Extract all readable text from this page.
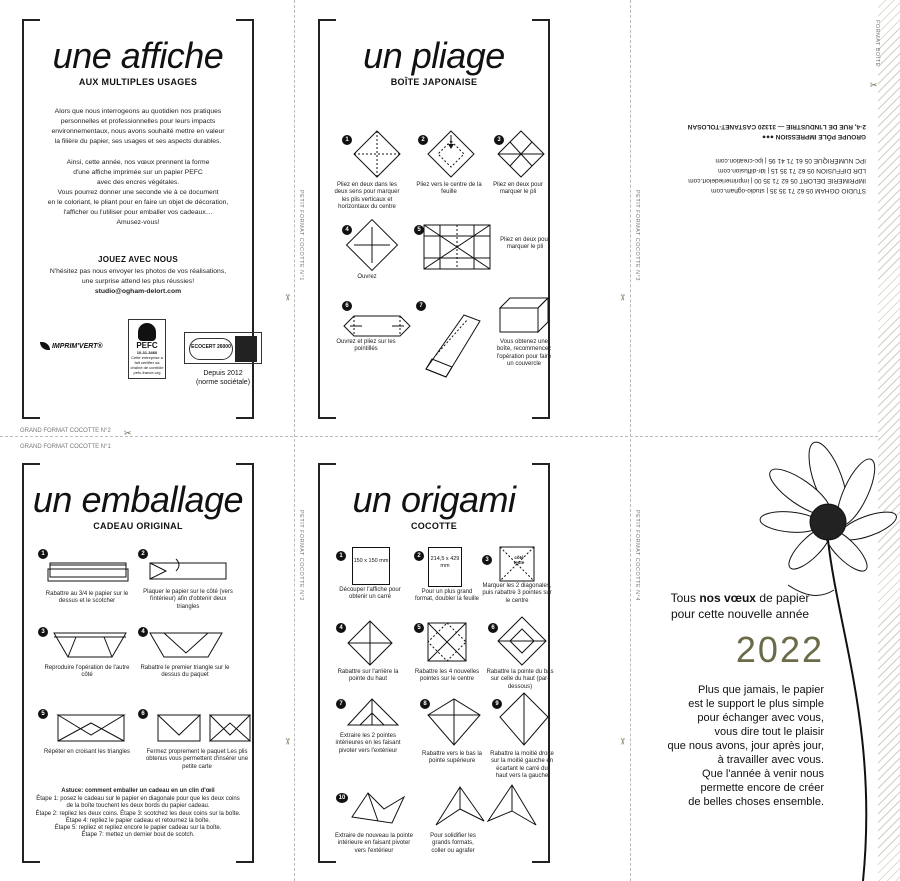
GRAND FORMAT COCOTTE N°2
GRAND FORMAT COCOTTE N°1
✂
✂	✂
✂	✂
✂
PETIT FORMAT COCOTTE N°1	PETIT FORMAT COCOTTE N°3
PETIT FORMAT COCOTTE N°2	PETIT FORMAT COCOTTE N°4
FORMAT BOÎTE
une affiche
AUX MULTIPLES USAGES
Alors que nous interrogeons au quotidien nos pratiques
personnelles et professionnelles pour leurs impacts
environnementaux, nous avons souhaité mettre en valeur
la filière du papier, ses usages et ses aspects durables.
Ainsi, cette année, nos vœux prennent la forme
d'une affiche imprimée sur un papier PEFC
avec des encres végétales.
Vous pourrez donner une seconde vie à ce document
en le coloriant, le pliant pour en faire un objet de décoration,
l'afficher ou l'utiliser pour emballer vos cadeaux…
Amusez-vous!
JOUEZ AVEC NOUS
N'hésitez pas nous envoyer les photos de vos réalisations,
une surprise attend les plus réussies!
studio@ogham-delort.com
IMPRIM'VERT®	PEFC
10-31-3460
Cette entreprise a fait certifier sa chaîne de contrôle pefc-france.org
ECOCERT 26000
Depuis 2012
(norme sociétale)
un pliage
BOÎTE JAPONAISE
1
Pliez en deux dans les deux sens pour marquer les plis verticaux et horizontaux du centre
2
Pliez vers le centre de la feuille
3
Pliez en deux pour marquer le pli
4
Ouvrez
5
Pliez en deux pour marquer le pli
6
Ouvrez et pliez sur les pointillés
7
Vous obtenez une boîte, recommencez l'opération pour faire un couvercle
STUDIO OGHAM 05 62 71 35 35 | studio-ogham.com
IMPRIMERIE DELORT 05 62 71 35 00 | imprimeriedelort.com
LDR DIFFUSION 05 62 71 35 15 | ldr-diffusion.com
IPC NUMÉRIQUE 05 61 71 41 95 | ipc-creation.com
GROUPE PÔLE IMPRESSION ●●●
2-4, RUE DE L'INDUSTRIE — 31320 CASTANET-TOLOSAN
un emballage
CADEAU ORIGINAL
1
Rabattre au 3/4 le papier sur le dessus et le scotcher
2
Plaquer le papier sur le côté (vers l'intérieur) afin d'obtenir deux triangles
3
Reproduire l'opération de l'autre côté
4
Rabattre le premier triangle sur le dessus du paquet
5
Répéter en croisant les triangles
6
Fermez proprement le paquet Les plis obtenus vous permettent d'insérer une petite carte
Astuce: comment emballer un cadeau en un clin d'œil
Étape 1: posez le cadeau sur le papier en diagonale pour que les deux coins
de la boîte touchent les deux bords du papier cadeau.
Étape 2: repliez les deux coins. Étape 3: scotchez les deux coins sur la boîte.
Étape 4: repliez le papier cadeau et retournez la boîte.
Étape 5: repliez et repliez encore le papier cadeau sur la boîte.
Étape 7: mettez un dernier bout de scotch.
un origami
COCOTTE
1
150 x 150 mm
Découper l'affiche pour obtenir un carré
2	214,5 x 429 mm
Pour un plus grand format, doubler la feuille
3	côté texte
Marquer les 2 diagonales, puis rabattre 3 pointes sur le centre
4
Rabattre sur l'arrière la pointe du haut
5
Rabattre les 4 nouvelles pointes sur le centre
6
Rabattre la pointe du bas sur celle du haut (par-dessous)
7
Extraire les 2 pointes intérieures en les faisant pivoter vers l'extérieur
8
Rabattre vers le bas la pointe supérieure
9
Rabattre la moitié droite sur la moitié gauche en écartant le carré du haut vers la gauche
10
Extraire de nouveau la pointe intérieure en faisant pivoter vers l'extérieur
Pour solidifier les grands formats, coller ou agrafer
Tous nos vœux de papier
pour cette nouvelle année
2022
Plus que jamais, le papier
est le support le plus simple
pour échanger avec vous,
vous dire tout le plaisir
que nous avons, jour après jour,
à travailler avec vous.
Que l'année à venir nous
permette encore de créer
de belles choses ensemble.
